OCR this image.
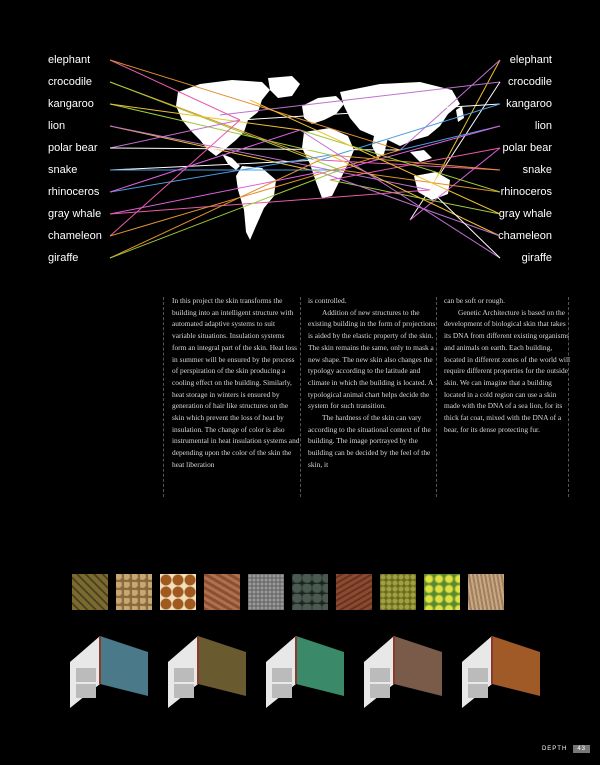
elephant
crocodile
kangaroo
lion
polar bear
snake
rhinoceros
gray whale
chameleon
giraffe
elephant
crocodile
kangaroo
lion
polar bear
snake
rhinoceros
gray whale
chameleon
giraffe

In this project the skin transforms the building into an intelligent structure with automated adaptive systems to suit variable situations. Insulation systems form an integral part of the skin. Heat loss in summer will be ensured by the process of perspiration of the skin producing a cooling effect on the building. Similarly, heat storage in winters is ensured by generation of hair like structures on the skin which prevent the loss of heat by insulation. The change of color is also instrumental in heat insulation systems and depending upon the color of the skin the heat liberation

is controlled.

Addition of new structures to the existing building in the form of projections is aided by the elastic property of the skin. The skin remains the same, only to mask a new shape. The new skin also changes the typology according to the latitude and climate in which the building is located. A typological animal chart helps decide the system for such transition.

The hardness of the skin can vary according to the situational context of the building. The image portrayed by the building can be decided by the feel of the skin, it

can be soft or rough.

Genetic Architecture is based on the development of biological skin that takes its DNA from different existing organisms and animals on earth. Each building, located in different zones of the world will require different properties for the outside skin. We can imagine that a building located in a cold region can use a skin made with the DNA of a sea lion, for its thick fat coat, mixed with the DNA of a bear, for its dense protecting fur.

DEPTH	43
